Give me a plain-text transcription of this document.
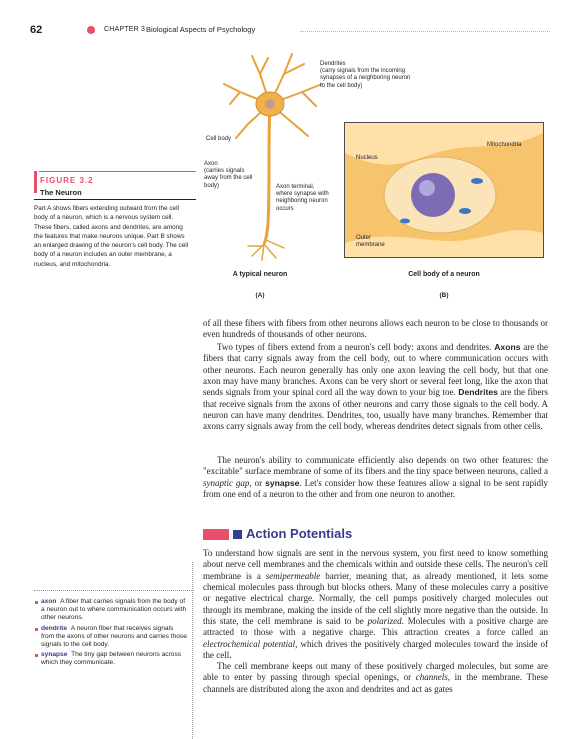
62	CHAPTER 3 Biological Aspects of Psychology
FIGURE 3.2
The Neuron

Part A shows fibers extending outward from the cell body of a neuron, which is a nervous system cell. These fibers, called axons and dendrites, are among the features that make neurons unique. Part B shows an enlarged drawing of the neuron's cell body. The cell body of a neuron includes an outer membrane, a nucleus, and mitochondria.

Dendrites
(carry signals from the incoming synapses of a neighboring neuron to the cell body)
Cell body
Axon
(carries signals away from the cell body)	Axon terminal,
where synapse with neighboring neuron occurs
A typical neuron
(A)
Nucleus
Mitochondria
Outer membrane
Cell body of a neuron
(B)

of all these fibers with fibers from other neurons allows each neuron to be close to thousands or even hundreds of thousands of other neurons.

Two types of fibers extend from a neuron's cell body: axons and dendrites. Axons are the fibers that carry signals away from the cell body, out to where communication occurs with other neurons. Each neuron generally has only one axon leaving the cell body, but that one axon may have many branches. Axons can be very short or several feet long, like the axon that sends signals from your spinal cord all the way down to your big toe. Dendrites are the fibers that receive signals from the axons of other neurons and carry those signals to the cell body. A neuron can have many dendrites. Dendrites, too, usually have many branches. Remember that axons carry signals away from the cell body, whereas dendrites detect signals from other cells.

The neuron's ability to communicate efficiently also depends on two other features: the "excitable" surface membrane of some of its fibers and the tiny space between neurons, called a synaptic gap, or synapse. Let's consider how these features allow a signal to be sent rapidly from one end of a neuron to the other and from one neuron to another.

Action Potentials

To understand how signals are sent in the nervous system, you first need to know something about nerve cell membranes and the chemicals within and outside these cells. The neuron's cell membrane is a semipermeable barrier, meaning that, as already mentioned, it lets some chemical molecules pass through but blocks others. Many of these molecules carry a positive or negative electrical charge. Normally, the cell pumps positively charged molecules out through its membrane, making the inside of the cell slightly more negative than the outside. In this state, the cell membrane is said to be polarized. Molecules with a positive charge are attracted to those with a negative charge. This attraction creates a force called an electrochemical potential, which drives the positively charged molecules toward the inside of the cell.

The cell membrane keeps out many of these positively charged molecules, but some are able to enter by passing through special openings, or channels, in the membrane. These channels are distributed along the axon and dendrites and act as gates

axon A fiber that carries signals from the body of a neuron out to where communication occurs with other neurons.
dendrite A neuron fiber that receives signals from the axons of other neurons and carries those signals to the cell body.
synapse The tiny gap between neurons across which they communicate.
